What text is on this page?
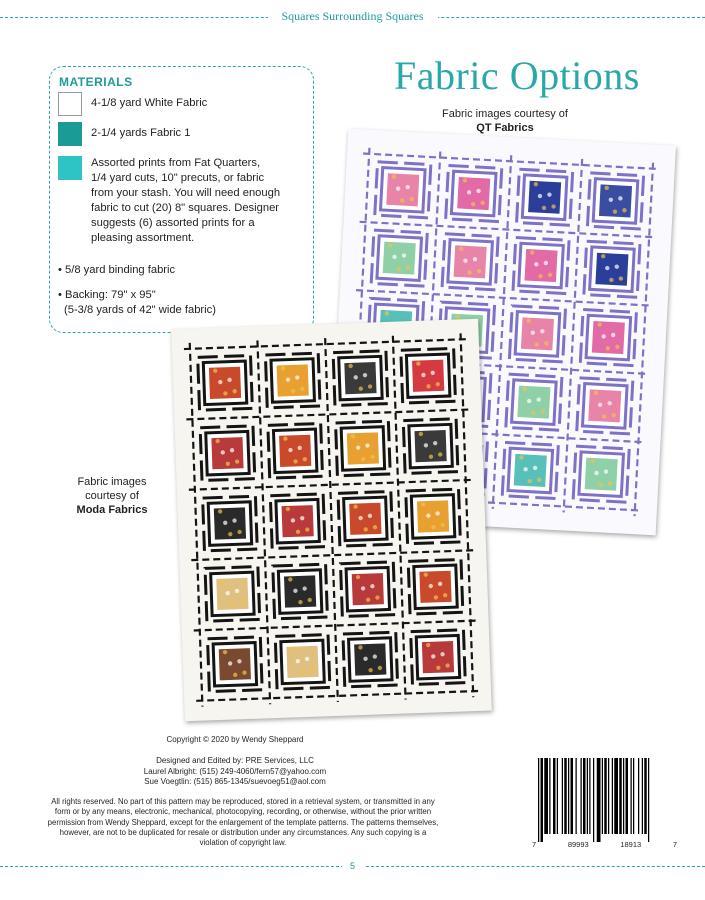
Squares Surrounding Squares
MATERIALS
4-1/8 yard White Fabric
2-1/4 yards Fabric 1
Assorted prints from Fat Quarters,
1/4 yard cuts, 10" precuts, or fabric
from your stash. You will need enough
fabric to cut (20) 8" squares. Designer
suggests (6) assorted prints for a
pleasing assortment.
• 5/8 yard binding fabric
• Backing: 79" x 95"
(5-3/8 yards of 42" wide fabric)
Fabric Options
Fabric images courtesy of
QT Fabrics
Fabric images
courtesy of
Moda Fabrics
Copyright © 2020 by Wendy Sheppard
Designed and Edited by: PRE Services, LLC
Laurel Albright: (515) 249-4060/fern57@yahoo.com
Sue Voegtlin: (515) 865-1345/suevoeg51@aol.com
All rights reserved. No part of this pattern may be reproduced, stored in a retrieval system, or transmitted in any form or by any means, electronic, mechanical, photocopying, recording, or otherwise, without the prior written permission from Wendy Sheppard, except for the enlargement of the template patterns. The patterns themselves, however, are not to be duplicated for resale or distribution under any circumstances. Any such copying is a violation of copyright law.	7	89993	18913	7
5
